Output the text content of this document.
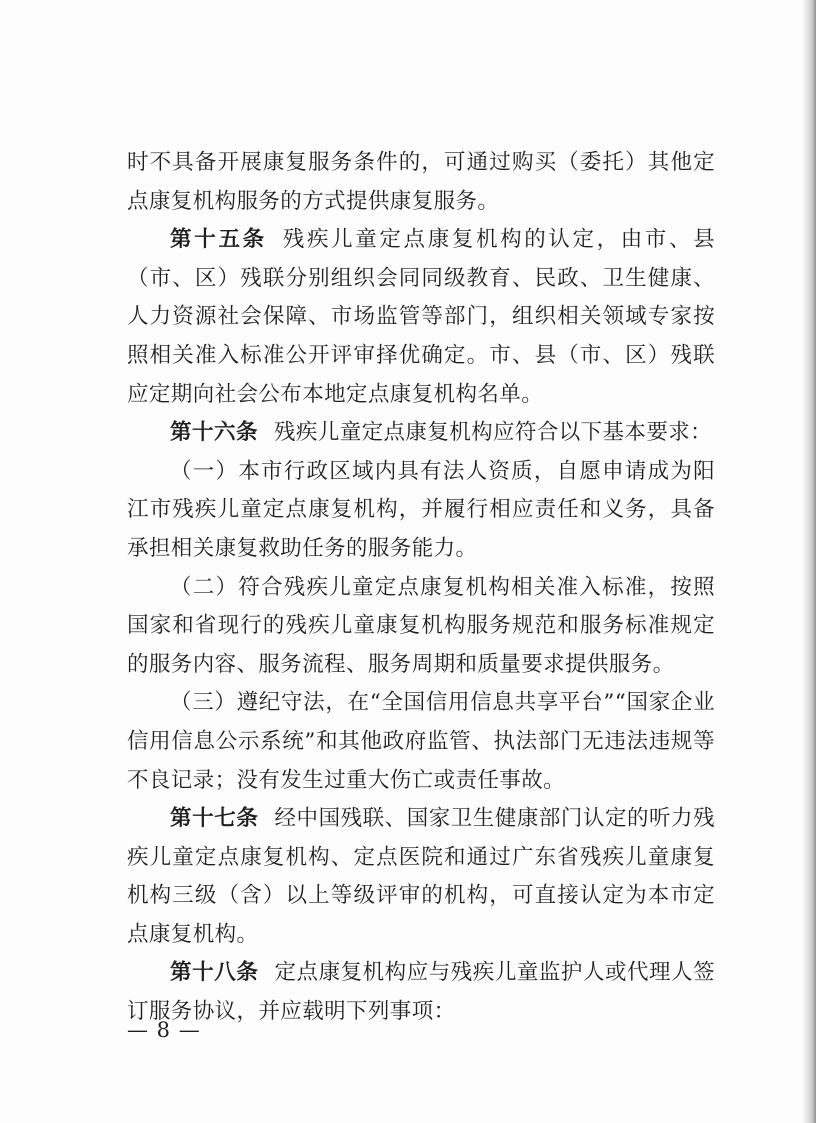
时不具备开展康复服务条件的，可通过购买（委托）其他定点康复机构服务的方式提供康复服务。

第十五条 残疾儿童定点康复机构的认定，由市、县（市、区）残联分别组织会同同级教育、民政、卫生健康、人力资源社会保障、市场监管等部门，组织相关领域专家按照相关准入标准公开评审择优确定。市、县（市、区）残联应定期向社会公布本地定点康复机构名单。

第十六条 残疾儿童定点康复机构应符合以下基本要求：

（一）本市行政区域内具有法人资质，自愿申请成为阳江市残疾儿童定点康复机构，并履行相应责任和义务，具备承担相关康复救助任务的服务能力。

（二）符合残疾儿童定点康复机构相关准入标准，按照国家和省现行的残疾儿童康复机构服务规范和服务标准规定的服务内容、服务流程、服务周期和质量要求提供服务。

（三）遵纪守法，在“全国信用信息共享平台”“国家企业信用信息公示系统”和其他政府监管、执法部门无违法违规等不良记录；没有发生过重大伤亡或责任事故。

第十七条 经中国残联、国家卫生健康部门认定的听力残疾儿童定点康复机构、定点医院和通过广东省残疾儿童康复机构三级（含）以上等级评审的机构，可直接认定为本市定点康复机构。

第十八条 定点康复机构应与残疾儿童监护人或代理人签订服务协议，并应载明下列事项：

— 8 —
